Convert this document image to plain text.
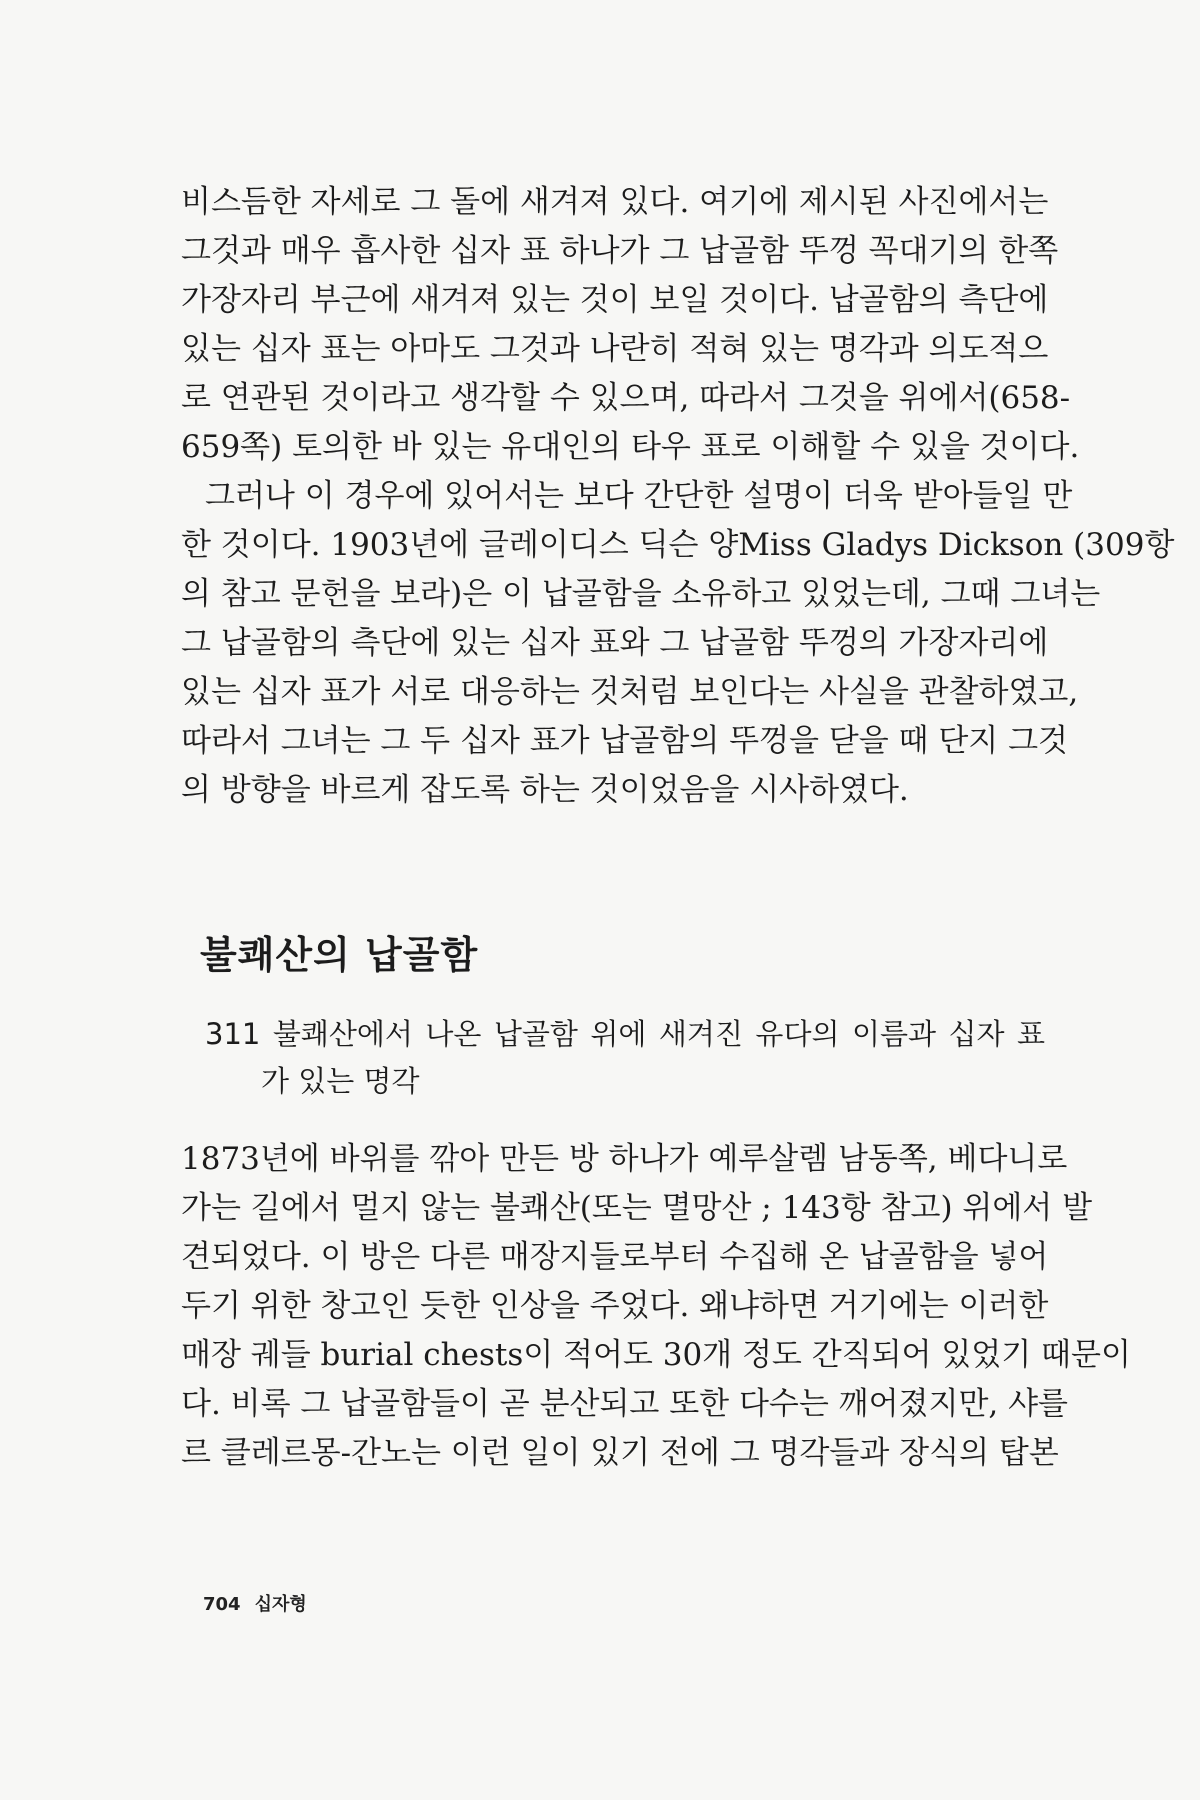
비스듬한 자세로 그 돌에 새겨져 있다. 여기에 제시된 사진에서는
그것과 매우 흡사한 십자 표 하나가 그 납골함 뚜껑 꼭대기의 한쪽
가장자리 부근에 새겨져 있는 것이 보일 것이다. 납골함의 측단에
있는 십자 표는 아마도 그것과 나란히 적혀 있는 명각과 의도적으
로 연관된 것이라고 생각할 수 있으며, 따라서 그것을 위에서(658-
659쪽) 토의한 바 있는 유대인의 타우 표로 이해할 수 있을 것이다.
그러나 이 경우에 있어서는 보다 간단한 설명이 더욱 받아들일 만
한 것이다. 1903년에 글레이디스 딕슨 양Miss Gladys Dickson (309항
의 참고 문헌을 보라)은 이 납골함을 소유하고 있었는데, 그때 그녀는
그 납골함의 측단에 있는 십자 표와 그 납골함 뚜껑의 가장자리에
있는 십자 표가 서로 대응하는 것처럼 보인다는 사실을 관찰하였고,
따라서 그녀는 그 두 십자 표가 납골함의 뚜껑을 닫을 때 단지 그것
의 방향을 바르게 잡도록 하는 것이었음을 시사하였다.
불쾌산의 납골함
311 불쾌산에서 나온 납골함 위에 새겨진 유다의 이름과 십자 표
가 있는 명각
1873년에 바위를 깎아 만든 방 하나가 예루살렘 남동쪽, 베다니로
가는 길에서 멀지 않는 불쾌산(또는 멸망산 ; 143항 참고) 위에서 발
견되었다. 이 방은 다른 매장지들로부터 수집해 온 납골함을 넣어
두기 위한 창고인 듯한 인상을 주었다. 왜냐하면 거기에는 이러한
매장 궤들 burial chests이 적어도 30개 정도 간직되어 있었기 때문이
다. 비록 그 납골함들이 곧 분산되고 또한 다수는 깨어졌지만, 샤를
르 클레르몽-간노는 이런 일이 있기 전에 그 명각들과 장식의 탑본
704 십자형
